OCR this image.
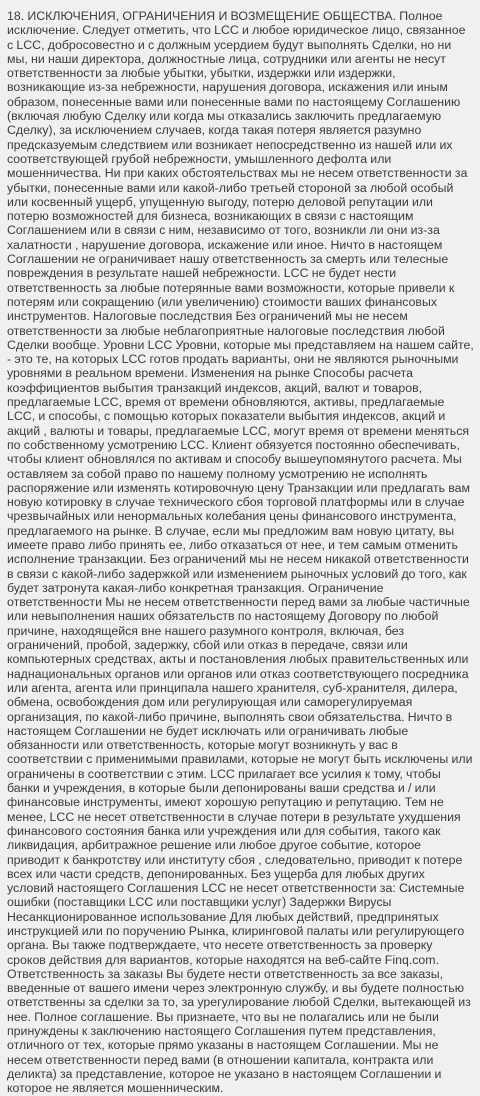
18. ИСКЛЮЧЕНИЯ, ОГРАНИЧЕНИЯ И ВОЗМЕЩЕНИЕ ОБЩЕСТВА. Полное исключение. Следует отметить, что LCC и любое юридическое лицо, связанное с LCC, добросовестно и с должным усердием будут выполнять Сделки, но ни мы, ни наши директора, должностные лица, сотрудники или агенты не несут ответственности за любые убытки, убытки, издержки или издержки, возникающие из-за небрежности, нарушения договора, искажения или иным образом, понесенные вами или понесенные вами по настоящему Соглашению (включая любую Сделку или когда мы отказались заключить предлагаемую Сделку), за исключением случаев, когда такая потеря является разумно предсказуемым следствием или возникает непосредственно из нашей или их соответствующей грубой небрежности, умышленного дефолта или мошенничества. Ни при каких обстоятельствах мы не несем ответственности за убытки, понесенные вами или какой-либо третьей стороной за любой особый или косвенный ущерб, упущенную выгоду, потерю деловой репутации или потерю возможностей для бизнеса, возникающих в связи с настоящим Соглашением или в связи с ним, независимо от того, возникли ли они из-за халатности , нарушение договора, искажение или иное. Ничто в настоящем Соглашении не ограничивает нашу ответственность за смерть или телесные повреждения в результате нашей небрежности. LCC не будет нести ответственность за любые потерянные вами возможности, которые привели к потерям или сокращению (или увеличению) стоимости ваших финансовых инструментов. Налоговые последствия Без ограничений мы не несем ответственности за любые неблагоприятные налоговые последствия любой Сделки вообще. Уровни LCC Уровни, которые мы представляем на нашем сайте, - это те, на которых LCC готов продать варианты, они не являются рыночными уровнями в реальном времени. Изменения на рынке Способы расчета коэффициентов выбытия транзакций индексов, акций, валют и товаров, предлагаемые LCC, время от времени обновляются, активы, предлагаемые LCC, и способы, с помощью которых показатели выбытия индексов, акций и акций , валюты и товары, предлагаемые LCC, могут время от времени меняться по собственному усмотрению LCC. Клиент обязуется постоянно обеспечивать, чтобы клиент обновлялся по активам и способу вышеупомянутого расчета. Мы оставляем за собой право по нашему полному усмотрению не исполнять распоряжение или изменять котировочную цену Транзакции или предлагать вам новую котировку в случае технического сбоя торговой платформы или в случае чрезвычайных или ненормальных колебания цены финансового инструмента, предлагаемого на рынке. В случае, если мы предложим вам новую цитату, вы имеете право либо принять ее, либо отказаться от нее, и тем самым отменить исполнение транзакции. Без ограничений мы не несем никакой ответственности в связи с какой-либо задержкой или изменением рыночных условий до того, как будет затронута какая-либо конкретная транзакция. Ограничение ответственности Мы не несем ответственности перед вами за любые частичные или невыполнения наших обязательств по настоящему Договору по любой причине, находящейся вне нашего разумного контроля, включая, без ограничений, пробой, задержку, сбой или отказ в передаче, связи или компьютерных средствах, акты и постановления любых правительственных или наднациональных органов или органов или отказ соответствующего посредника или агента, агента или принципала нашего хранителя, суб-хранителя, дилера, обмена, освобождения дом или регулирующая или саморегулируемая организация, по какой-либо причине, выполнять свои обязательства. Ничто в настоящем Соглашении не будет исключать или ограничивать любые обязанности или ответственность, которые могут возникнуть у вас в соответствии с применимыми правилами, которые не могут быть исключены или ограничены в соответствии с этим. LCC прилагает все усилия к тому, чтобы банки и учреждения, в которые были депонированы ваши средства и / или финансовые инструменты, имеют хорошую репутацию и репутацию. Тем не менее, LCC не несет ответственности в случае потери в результате ухудшения финансового состояния банка или учреждения или для события, такого как ликвидация, арбитражное решение или любое другое событие, которое приводит к банкротству или институту сбоя , следовательно, приводит к потере всех или части средств, депонированных. Без ущерба для любых других условий настоящего Соглашения LCC не несет ответственности за: Системные ошибки (поставщики LCC или поставщики услуг) Задержки Вирусы Несанкционированное использование Для любых действий, предпринятых инструкцией или по поручению Рынка, клиринговой палаты или регулирующего органа. Вы также подтверждаете, что несете ответственность за проверку сроков действия для вариантов, которые находятся на веб-сайте Finq.com. Ответственность за заказы Вы будете нести ответственность за все заказы, введенные от вашего имени через электронную службу, и вы будете полностью ответственны за сделки за то, за урегулирование любой Сделки, вытекающей из нее. Полное соглашение. Вы признаете, что вы не полагались или не были принуждены к заключению настоящего Соглашения путем представления, отличного от тех, которые прямо указаны в настоящем Соглашении. Мы не несем ответственности перед вами (в отношении капитала, контракта или деликта) за представление, которое не указано в настоящем Соглашении и которое не является мошенническим.
